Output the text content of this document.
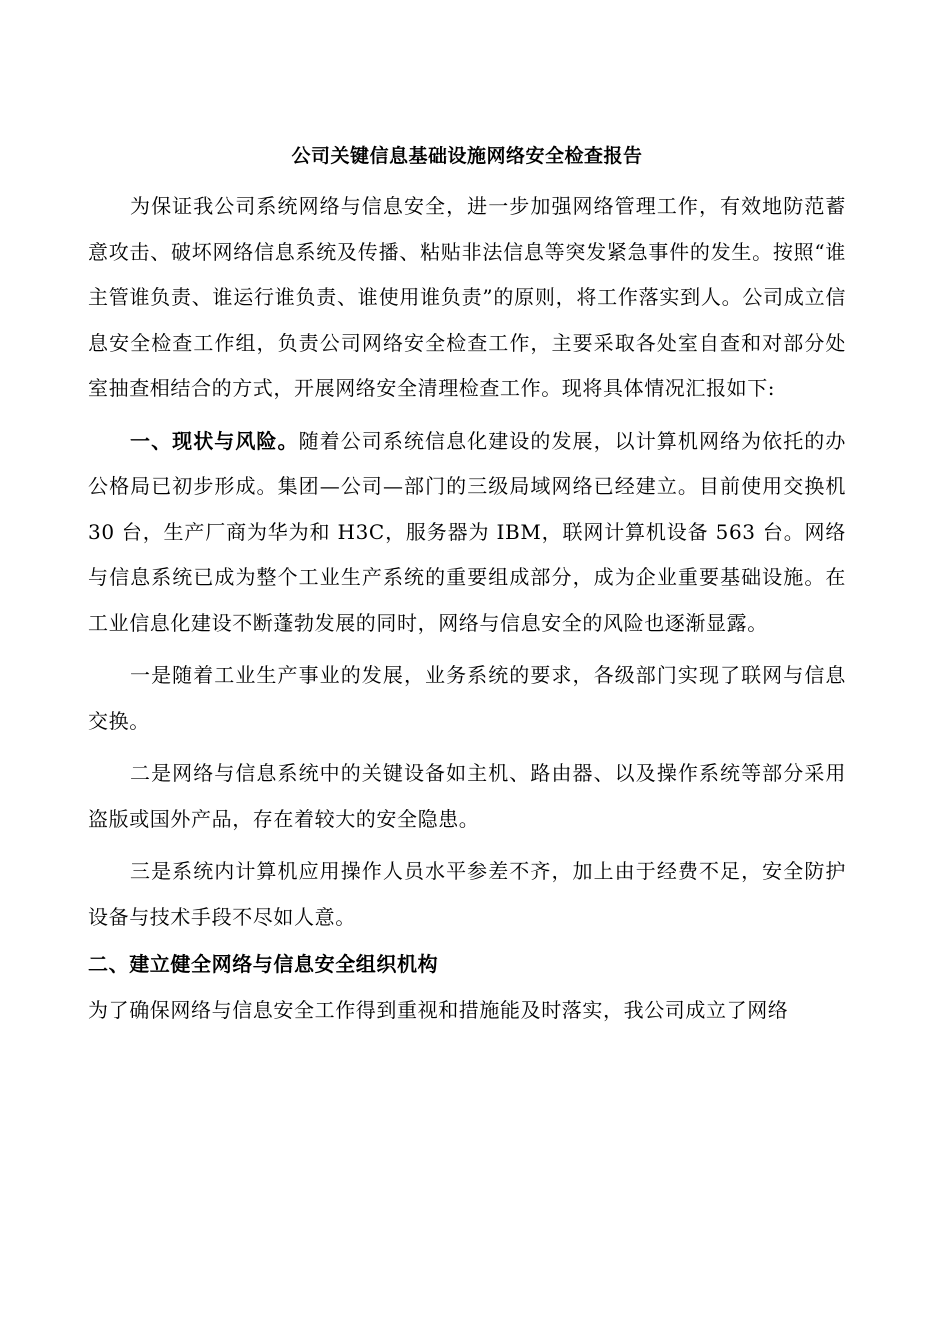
公司关键信息基础设施网络安全检查报告

为保证我公司系统网络与信息安全，进一步加强网络管理工作，有效地防范蓄意攻击、破坏网络信息系统及传播、粘贴非法信息等突发紧急事件的发生。按照“谁主管谁负责、谁运行谁负责、谁使用谁负责”的原则，将工作落实到人。公司成立信息安全检查工作组，负责公司网络安全检查工作，主要采取各处室自查和对部分处室抽查相结合的方式，开展网络安全清理检查工作。现将具体情况汇报如下:

一、现状与风险。随着公司系统信息化建设的发展，以计算机网络为依托的办公格局已初步形成。集团—公司—部门的三级局域网络已经建立。目前使用交换机 30 台，生产厂商为华为和 H3C，服务器为 IBM，联网计算机设备 563 台。网络与信息系统已成为整个工业生产系统的重要组成部分，成为企业重要基础设施。在工业信息化建设不断蓬勃发展的同时，网络与信息安全的风险也逐渐显露。

一是随着工业生产事业的发展，业务系统的要求，各级部门实现了联网与信息交换。

二是网络与信息系统中的关键设备如主机、路由器、以及操作系统等部分采用盗版或国外产品，存在着较大的安全隐患。

三是系统内计算机应用操作人员水平参差不齐，加上由于经费不足，安全防护设备与技术手段不尽如人意。

二、建立健全网络与信息安全组织机构

为了确保网络与信息安全工作得到重视和措施能及时落实，我公司成立了网络
